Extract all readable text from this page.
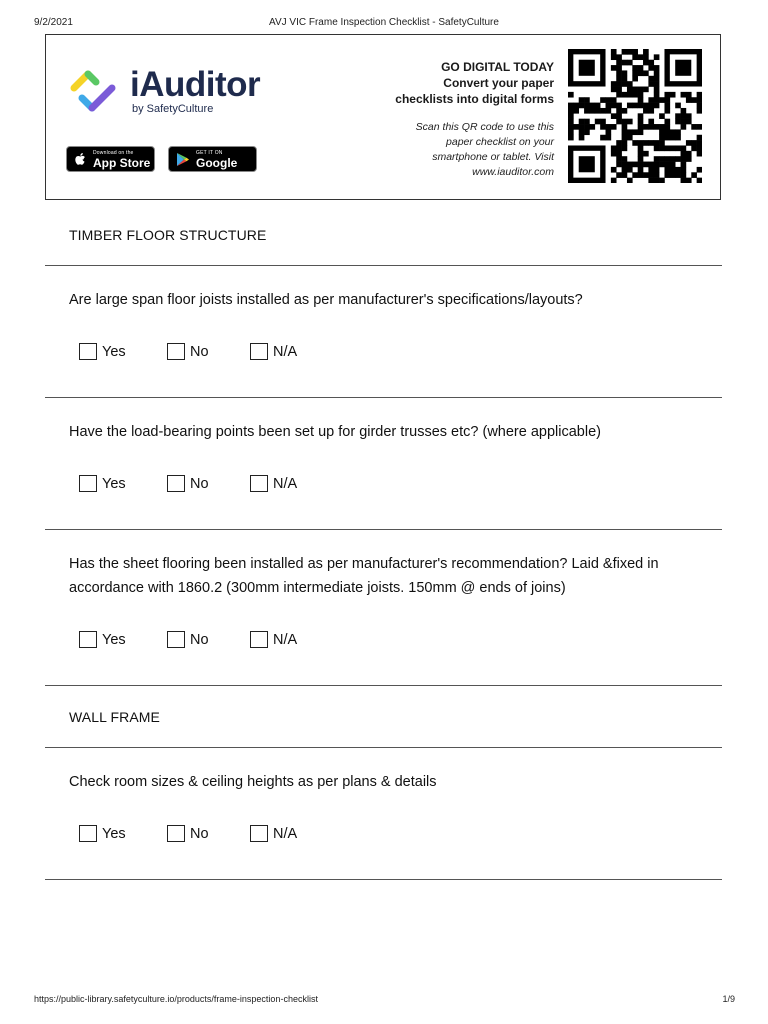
9/2/2021	AVJ VIC Frame Inspection Checklist - SafetyCulture
iAuditor
by SafetyCulture
Download on the
App Store
GET IT ON
Google Play
GO DIGITAL TODAY
Convert your paper
checklists into digital forms
Scan this QR code to use this
paper checklist on your
smartphone or tablet. Visit
www.iauditor.com
TIMBER FLOOR STRUCTURE
Are large span floor joists installed as per manufacturer's specifications/layouts?
Yes	No	N/A
Have the load-bearing points been set up for girder trusses etc? (where applicable)
Yes	No	N/A
Has the sheet flooring been installed as per manufacturer's recommendation? Laid &fixed in
accordance with 1860.2 (300mm intermediate joists. 150mm @ ends of joins)
Yes	No	N/A
WALL FRAME
Check room sizes & ceiling heights as per plans & details
Yes	No	N/A
https://public-library.safetyculture.io/products/frame-inspection-checklist	1/9
